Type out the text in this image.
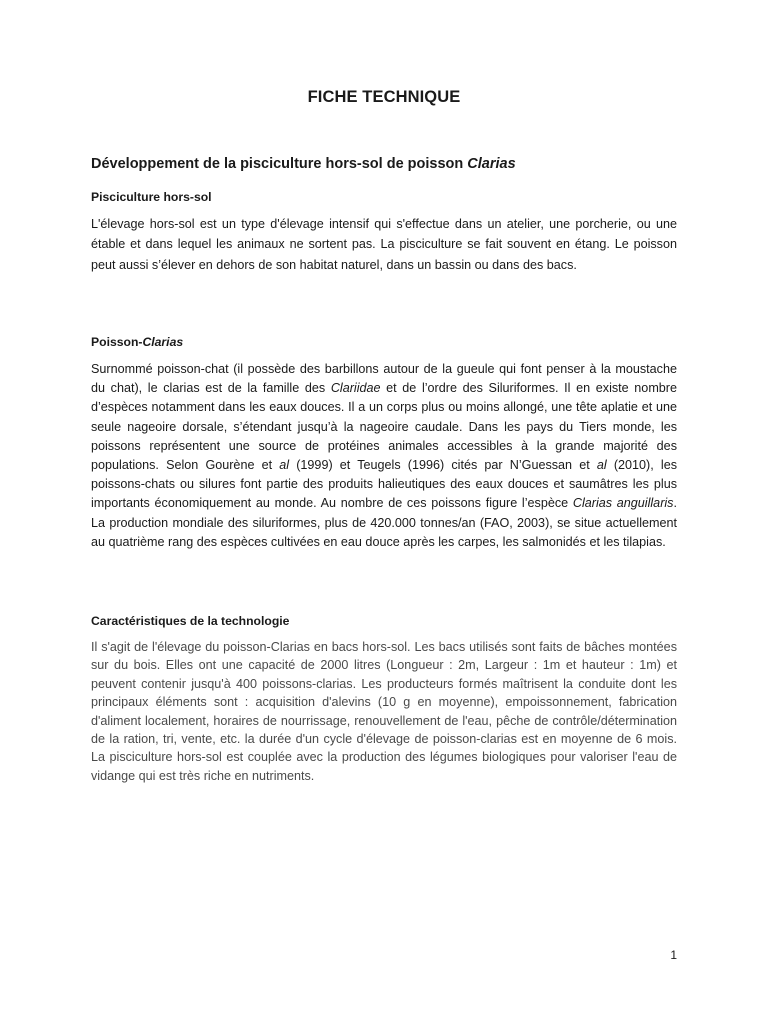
FICHE TECHNIQUE
Développement de la pisciculture hors-sol de poisson Clarias
Pisciculture hors-sol

L'élevage hors-sol est un type d'élevage intensif qui s'effectue dans un atelier, une porcherie, ou une étable et dans lequel les animaux ne sortent pas. La pisciculture se fait souvent en étang. Le poisson peut aussi s’élever en dehors de son habitat naturel, dans un bassin ou dans des bacs.

Poisson-Clarias

Surnommé poisson-chat (il possède des barbillons autour de la gueule qui font penser à la moustache du chat), le clarias est de la famille des Clariidae et de l’ordre des Siluriformes. Il en existe nombre d’espèces notamment dans les eaux douces. Il a un corps plus ou moins allongé, une tête aplatie et une seule nageoire dorsale, s’étendant jusqu’à la nageoire caudale. Dans les pays du Tiers monde, les poissons représentent une source de protéines animales accessibles à la grande majorité des populations. Selon Gourène et al (1999) et Teugels (1996) cités par N’Guessan et al (2010), les poissons-chats ou silures font partie des produits halieutiques des eaux douces et saumâtres les plus importants économiquement au monde. Au nombre de ces poissons figure l’espèce Clarias anguillaris. La production mondiale des siluriformes, plus de 420.000 tonnes/an (FAO, 2003), se situe actuellement au quatrième rang des espèces cultivées en eau douce après les carpes, les salmonidés et les tilapias.

Caractéristiques de la technologie

Il s'agit de l'élevage du poisson-Clarias en bacs hors-sol. Les bacs utilisés sont faits de bâches montées sur du bois. Elles ont une capacité de 2000 litres (Longueur : 2m, Largeur : 1m et hauteur : 1m) et peuvent contenir jusqu'à 400 poissons-clarias. Les producteurs formés maîtrisent la conduite dont les principaux éléments sont : acquisition d'alevins (10 g en moyenne), empoissonnement, fabrication d'aliment localement, horaires de nourrissage, renouvellement de l'eau, pêche de contrôle/détermination de la ration, tri, vente, etc. la durée d'un cycle d'élevage de poisson-clarias est en moyenne de 6 mois. La pisciculture hors-sol est couplée avec la production des légumes biologiques pour valoriser l'eau de vidange qui est très riche en nutriments.

1
